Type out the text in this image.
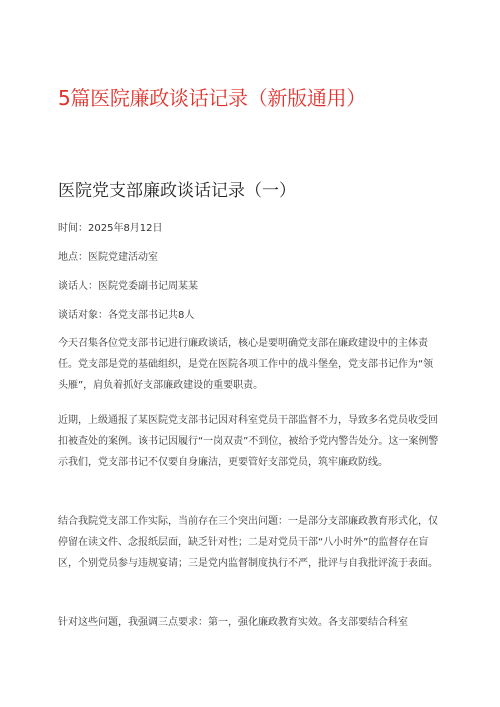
5篇医院廉政谈话记录（新版通用）
医院党支部廉政谈话记录（一）

时间：2025年8月12日

地点：医院党建活动室

谈话人：医院党委副书记周某某

谈话对象：各党支部书记共8人

今天召集各位党支部书记进行廉政谈话，核心是要明确党支部在廉政建设中的主体责任。党支部是党的基础组织，是党在医院各项工作中的战斗堡垒，党支部书记作为“领头雁”，肩负着抓好支部廉政建设的重要职责。

近期，上级通报了某医院党支部书记因对科室党员干部监督不力，导致多名党员收受回扣被查处的案例。该书记因履行“一岗双责”不到位，被给予党内警告处分。这一案例警示我们，党支部书记不仅要自身廉洁，更要管好支部党员，筑牢廉政防线。

结合我院党支部工作实际，当前存在三个突出问题：一是部分支部廉政教育形式化，仅停留在读文件、念报纸层面，缺乏针对性；二是对党员干部“八小时外”的监督存在盲区，个别党员参与违规宴请；三是党内监督制度执行不严，批评与自我批评流于表面。

针对这些问题，我强调三点要求：第一，强化廉政教育实效。各支部要结合科室
